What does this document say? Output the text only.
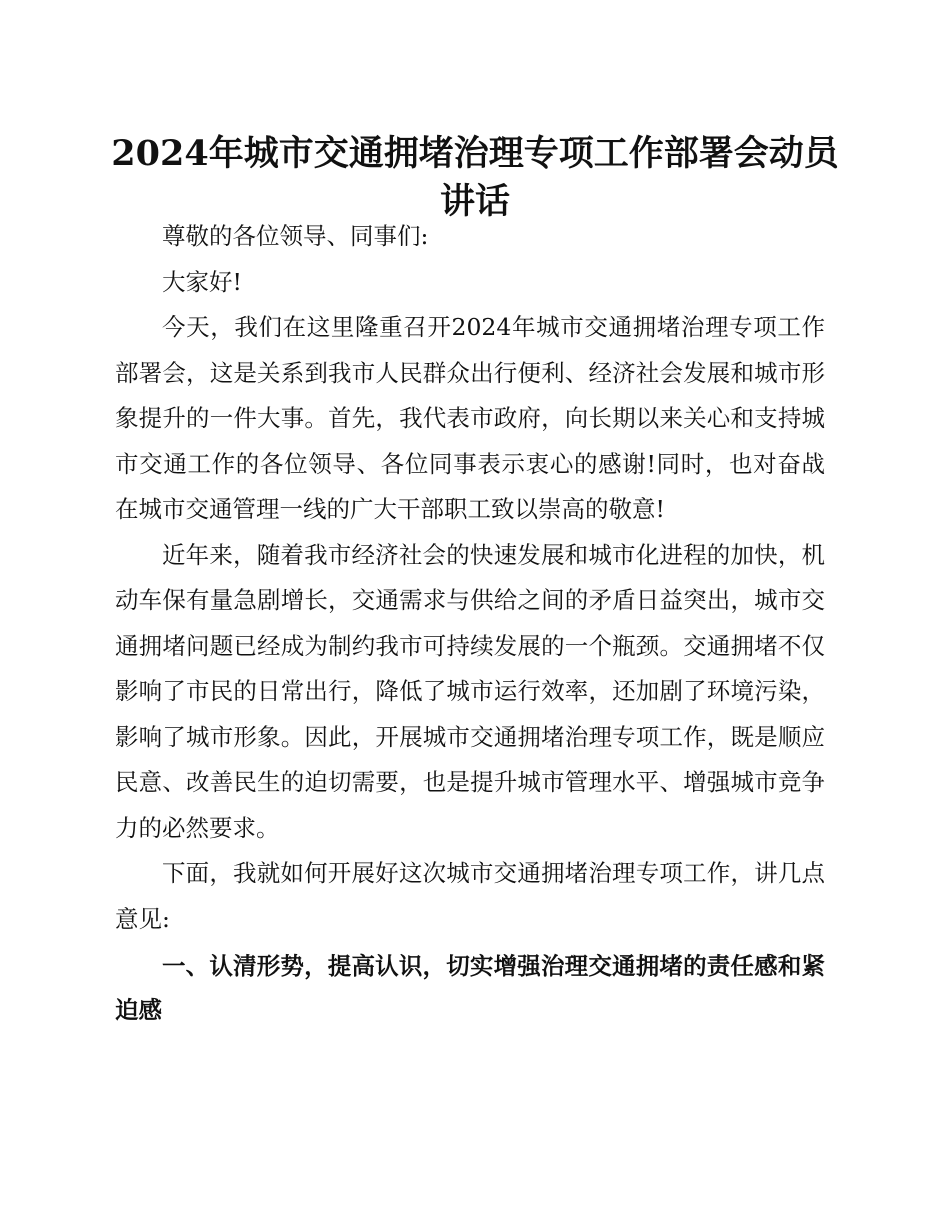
2024年城市交通拥堵治理专项工作部署会动员讲话

尊敬的各位领导、同事们:

大家好!

今天，我们在这里隆重召开2024年城市交通拥堵治理专项工作部署会，这是关系到我市人民群众出行便利、经济社会发展和城市形象提升的一件大事。首先，我代表市政府，向长期以来关心和支持城市交通工作的各位领导、各位同事表示衷心的感谢!同时，也对奋战在城市交通管理一线的广大干部职工致以崇高的敬意!

近年来，随着我市经济社会的快速发展和城市化进程的加快，机动车保有量急剧增长，交通需求与供给之间的矛盾日益突出，城市交通拥堵问题已经成为制约我市可持续发展的一个瓶颈。交通拥堵不仅影响了市民的日常出行，降低了城市运行效率，还加剧了环境污染，影响了城市形象。因此，开展城市交通拥堵治理专项工作，既是顺应民意、改善民生的迫切需要，也是提升城市管理水平、增强城市竞争力的必然要求。

下面，我就如何开展好这次城市交通拥堵治理专项工作，讲几点意见:

一、认清形势，提高认识，切实增强治理交通拥堵的责任感和紧迫感
